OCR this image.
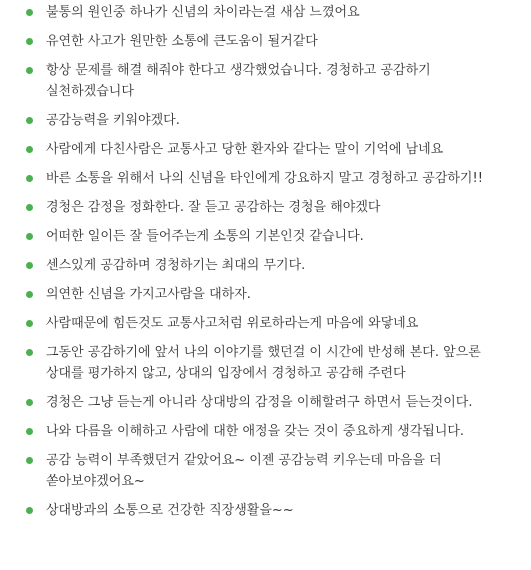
불통의 원인중 하나가 신념의 차이라는걸 새삼 느꼈어요
유연한 사고가 원만한 소통에 큰도움이 될거같다
항상 문제를 해결 해줘야 한다고 생각했었습니다. 경청하고 공감하기 실천하겠습니다
공감능력을 키워야겠다.
사람에게 다친사람은 교통사고 당한 환자와 같다는 말이 기억에 남네요
바른 소통을 위해서 나의 신념을 타인에게 강요하지 말고 경청하고 공감하기!!
경청은 감정을 정화한다. 잘 듣고 공감하는 경청을 해야겠다
어떠한 일이든 잘 들어주는게 소통의 기본인것 같습니다.
센스있게 공감하며 경청하기는 최대의 무기다.
의연한 신념을 가지고사람을 대하자.
사람때문에 힘든것도 교통사고처럼 위로하라는게 마음에 와닿네요
그동안 공감하기에 앞서 나의 이야기를 했던걸 이 시간에 반성해 본다. 앞으론 상대를 평가하지 않고, 상대의 입장에서 경청하고 공감해 주련다
경청은 그냥 듣는게 아니라 상대방의 감정을 이해할려구 하면서 듣는것이다.
나와 다름을 이해하고 사람에 대한 애정을 갖는 것이 중요하게 생각됩니다.
공감 능력이 부족했던거 같았어요~ 이젠 공감능력 키우는데 마음을 더 쏟아보야겠어요~
상대방과의 소통으로 건강한 직장생활을~~
